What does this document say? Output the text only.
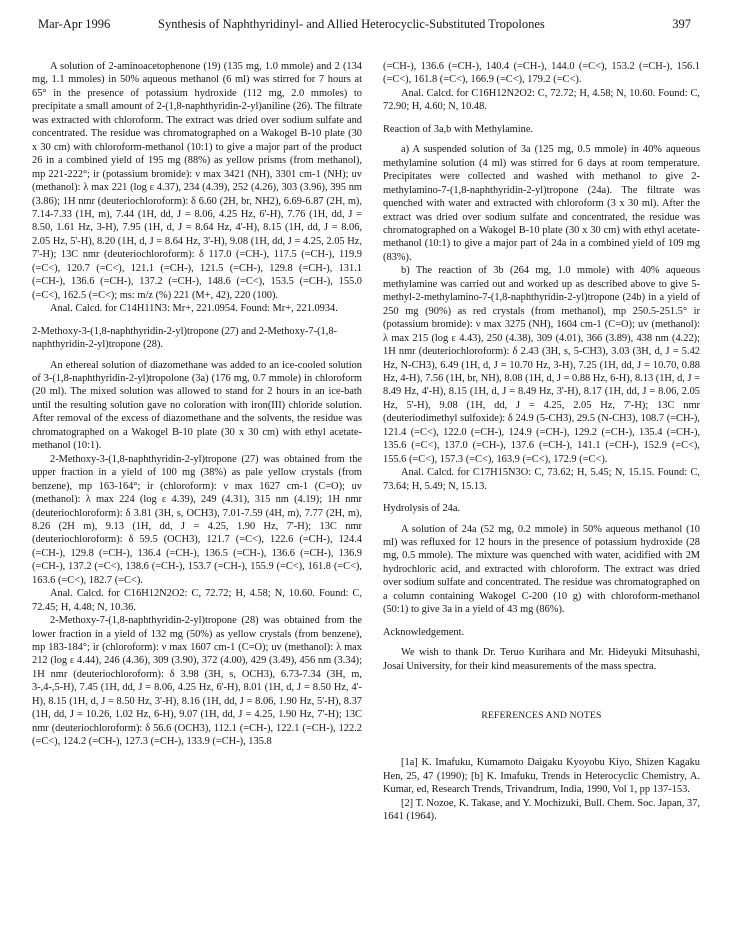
Mar-Apr 1996	Synthesis of Naphthyridinyl- and Allied Heterocyclic-Substituted Tropolones	397

A solution of 2-aminoacetophenone (19) (135 mg, 1.0 mmole) and 2 (134 mg, 1.1 mmoles) in 50% aqueous methanol (6 ml) was stirred for 7 hours at 65° in the presence of potassium hydroxide (112 mg, 2.0 mmoles) to precipitate a small amount of 2-(1,8-naphthyridin-2-yl)aniline (26). The filtrate was extracted with chloroform. The extract was dried over sodium sulfate and concentrated. The residue was chromatographed on a Wakogel B-10 plate (30 x 30 cm) with chloroform-methanol (10:1) to give a major part of the product 26 in a combined yield of 195 mg (88%) as yellow prisms (from methanol), mp 221-222°; ir (potassium bromide): ν max 3421 (NH), 3301 cm-1 (NH); uv (methanol): λ max 221 (log ε 4.37), 234 (4.39), 252 (4.26), 303 (3.96), 395 nm (3.86); 1H nmr (deuteriochloroform): δ 6.60 (2H, br, NH2), 6.69-6.87 (2H, m), 7.14-7.33 (1H, m), 7.44 (1H, dd, J = 8.06, 4.25 Hz, 6'-H), 7.76 (1H, dd, J = 8.50, 1.61 Hz, 3-H), 7.95 (1H, d, J = 8.64 Hz, 4'-H), 8.15 (1H, dd, J = 8.06, 2.05 Hz, 5'-H), 8.20 (1H, d, J = 8.64 Hz, 3'-H), 9.08 (1H, dd, J = 4.25, 2.05 Hz, 7'-H); 13C nmr (deuteriochloroform): δ 117.0 (=CH-), 117.5 (=CH-), 119.9 (=C<), 120.7 (=C<), 121.1 (=CH-), 121.5 (=CH-), 129.8 (=CH-), 131.1 (=CH-), 136.6 (=CH-), 137.2 (=CH-), 148.6 (=C<), 153.5 (=CH-), 155.0 (=C<), 162.5 (=C<); ms: m/z (%) 221 (M+, 42), 220 (100).

Anal. Calcd. for C14H11N3: Mr+, 221.0954. Found: Mr+, 221.0934.

2-Methoxy-3-(1,8-naphthyridin-2-yl)tropone (27) and 2-Methoxy-7-(1,8-naphthyridin-2-yl)tropone (28).

An ethereal solution of diazomethane was added to an ice-cooled solution of 3-(1,8-naphthyridin-2-yl)tropolone (3a) (176 mg, 0.7 mmole) in chloroform (20 ml). The mixed solution was allowed to stand for 2 hours in an ice-bath until the resulting solution gave no coloration with iron(III) chloride solution. After removal of the excess of diazomethane and the solvents, the residue was chromatographed on a Wakogel B-10 plate (30 x 30 cm) with ethyl acetate-methanol (10:1).

2-Methoxy-3-(1,8-naphthyridin-2-yl)tropone (27) was obtained from the upper fraction in a yield of 100 mg (38%) as pale yellow crystals (from benzene), mp 163-164°; ir (chloroform): ν max 1627 cm-1 (C=O); uv (methanol): λ max 224 (log ε 4.39), 249 (4.31), 315 nm (4.19); 1H nmr (deuteriochloroform): δ 3.81 (3H, s, OCH3), 7.01-7.59 (4H, m), 7.77 (2H, m), 8.26 (2H m), 9.13 (1H, dd, J = 4.25, 1.90 Hz, 7'-H); 13C nmr (deuteriochloroform): δ 59.5 (OCH3), 121.7 (=C<), 122.6 (=CH-), 124.4 (=CH-), 129.8 (=CH-), 136.4 (=CH-), 136.5 (=CH-), 136.6 (=CH-), 136.9 (=CH-), 137.2 (=C<), 138.6 (=CH-), 153.7 (=CH-), 155.9 (=C<), 161.8 (=C<), 163.6 (=C<), 182.7 (=C<).

Anal. Calcd. for C16H12N2O2: C, 72.72; H, 4.58; N, 10.60. Found: C, 72.45; H, 4.48; N, 10.36.

2-Methoxy-7-(1,8-naphthyridin-2-yl)tropone (28) was obtained from the lower fraction in a yield of 132 mg (50%) as yellow crystals (from benzene), mp 183-184°; ir (chloroform): ν max 1607 cm-1 (C=O); uv (methanol): λ max 212 (log ε 4.44), 246 (4.36), 309 (3.90), 372 (4.00), 429 (3.49), 456 nm (3.34); 1H nmr (deuteriochloroform): δ 3.98 (3H, s, OCH3), 6.73-7.34 (3H, m, 3-,4-,5-H), 7.45 (1H, dd, J = 8.06, 4.25 Hz, 6'-H), 8.01 (1H, d, J = 8.50 Hz, 4'-H), 8.15 (1H, d, J = 8.50 Hz, 3'-H), 8.16 (1H, dd, J = 8.06, 1.90 Hz, 5'-H), 8.37 (1H, dd, J = 10.26, 1.02 Hz, 6-H), 9.07 (1H, dd, J = 4.25, 1.90 Hz, 7'-H); 13C nmr (deuteriochloroform): δ 56.6 (OCH3), 112.1 (=CH-), 122.1 (=CH-), 122.2 (=C<), 124.2 (=CH-), 127.3 (=CH-), 133.9 (=CH-), 135.8

(=CH-), 136.6 (=CH-), 140.4 (=CH-), 144.0 (=C<), 153.2 (=CH-), 156.1 (=C<), 161.8 (=C<), 166.9 (=C<), 179.2 (=C<).

Anal. Calcd. for C16H12N2O2: C, 72.72; H, 4.58; N, 10.60. Found: C, 72.90; H, 4.60; N, 10.48.

Reaction of 3a,b with Methylamine.

a) A suspended solution of 3a (125 mg, 0.5 mmole) in 40% aqueous methylamine solution (4 ml) was stirred for 6 days at room temperature. Precipitates were collected and washed with methanol to give 2-methylamino-7-(1,8-naphthyridin-2-yl)tropone (24a). The filtrate was quenched with water and extracted with chloroform (3 x 30 ml). After the extract was dried over sodium sulfate and concentrated, the residue was chromatographed on a Wakogel B-10 plate (30 x 30 cm) with ethyl acetate-methanol (10:1) to give a major part of 24a in a combined yield of 109 mg (83%).

b) The reaction of 3b (264 mg, 1.0 mmole) with 40% aqueous methylamine was carried out and worked up as described above to give 5-methyl-2-methylamino-7-(1,8-naphthyridin-2-yl)tropone (24b) in a yield of 250 mg (90%) as red crystals (from methanol), mp 250.5-251.5° ir (potassium bromide): ν max 3275 (NH), 1604 cm-1 (C=O); uv (methanol): λ max 215 (log ε 4.43), 250 (4.38), 309 (4.01), 366 (3.89), 438 nm (4.22); 1H nmr (deuteriochloroform): δ 2.43 (3H, s, 5-CH3), 3.03 (3H, d, J = 5.42 Hz, N-CH3), 6.49 (1H, d, J = 10.70 Hz, 3-H), 7.25 (1H, dd, J = 10.70, 0.88 Hz, 4-H), 7.56 (1H, br, NH), 8.08 (1H, d, J = 0.88 Hz, 6-H), 8.13 (1H, d, J = 8.49 Hz, 4'-H), 8.15 (1H, d, J = 8.49 Hz, 3'-H), 8.17 (1H, dd, J = 8.06, 2.05 Hz, 5'-H), 9.08 (1H, dd, J = 4.25, 2.05 Hz, 7'-H); 13C nmr (deuteriodimethyl sulfoxide): δ 24.9 (5-CH3), 29.5 (N-CH3), 108.7 (=CH-), 121.4 (=C<), 122.0 (=CH-), 124.9 (=CH-), 129.2 (=CH-), 135.4 (=CH-), 135.6 (=C<), 137.0 (=CH-), 137.6 (=CH-), 141.1 (=CH-), 152.9 (=C<), 155.6 (=C<), 157.3 (=C<), 163.9 (=C<), 172.9 (=C<).

Anal. Calcd. for C17H15N3O: C, 73.62; H, 5.45; N, 15.15. Found: C, 73.64; H, 5.49; N, 15.13.

Hydrolysis of 24a.

A solution of 24a (52 mg, 0.2 mmole) in 50% aqueous methanol (10 ml) was refluxed for 12 hours in the presence of potassium hydroxide (28 mg, 0.5 mmole). The mixture was quenched with water, acidified with 2M hydrochloric acid, and extracted with chloroform. The extract was dried over sodium sulfate and concentrated. The residue was chromatographed on a column containing Wakogel C-200 (10 g) with chloroform-methanol (50:1) to give 3a in a yield of 43 mg (86%).

Acknowledgement.

We wish to thank Dr. Teruo Kurihara and Mr. Hideyuki Mitsuhashi, Josai University, for their kind measurements of the mass spectra.

REFERENCES AND NOTES

[1a] K. Imafuku, Kumamoto Daigaku Kyoyobu Kiyo, Shizen Kagaku Hen, 25, 47 (1990); [b] K. Imafuku, Trends in Heterocyclic Chemistry, A. Kumar, ed, Research Trends, Trivandrum, India, 1990, Vol 1, pp 137-153.

[2] T. Nozoe, K. Takase, and Y. Mochizuki, Bull. Chem. Soc. Japan, 37, 1641 (1964).
